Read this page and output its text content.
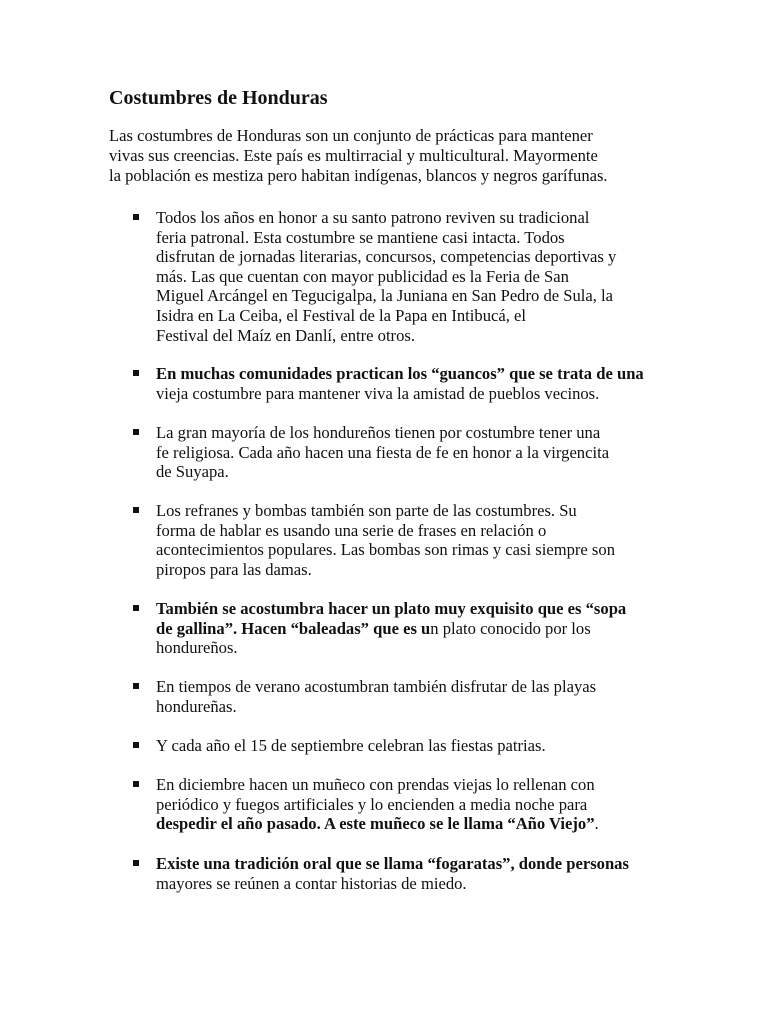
Costumbres de Honduras

Las costumbres de Honduras son un conjunto de prácticas para mantener
vivas sus creencias. Este país es multirracial y multicultural. Mayormente
la población es mestiza pero habitan indígenas, blancos y negros garífunas.

Todos los años en honor a su santo patrono reviven su tradicional
feria patronal. Esta costumbre se mantiene casi intacta. Todos
disfrutan de jornadas literarias, concursos, competencias deportivas y
más. Las que cuentan con mayor publicidad es la Feria de San
Miguel Arcángel en Tegucigalpa, la Juniana en San Pedro de Sula, la
Isidra en La Ceiba, el Festival de la Papa en Intibucá, el
Festival del Maíz en Danlí, entre otros.
En muchas comunidades practican los “guancos” que se trata de una
vieja costumbre para mantener viva la amistad de pueblos vecinos.
La gran mayoría de los hondureños tienen por costumbre tener una
fe religiosa. Cada año hacen una fiesta de fe en honor a la virgencita
de Suyapa.
Los refranes y bombas también son parte de las costumbres. Su
forma de hablar es usando una serie de frases en relación o
acontecimientos populares. Las bombas son rimas y casi siempre son
piropos para las damas.
También se acostumbra hacer un plato muy exquisito que es “sopa
de gallina”. Hacen “baleadas” que es un plato conocido por los
hondureños.
En tiempos de verano acostumbran también disfrutar de las playas
hondureñas.
Y cada año el 15 de septiembre celebran las fiestas patrias.
En diciembre hacen un muñeco con prendas viejas lo rellenan con
periódico y fuegos artificiales y lo encienden a media noche para
despedir el año pasado. A este muñeco se le llama “Año Viejo”.
Existe una tradición oral que se llama “fogaratas”, donde personas
mayores se reúnen a contar historias de miedo.
